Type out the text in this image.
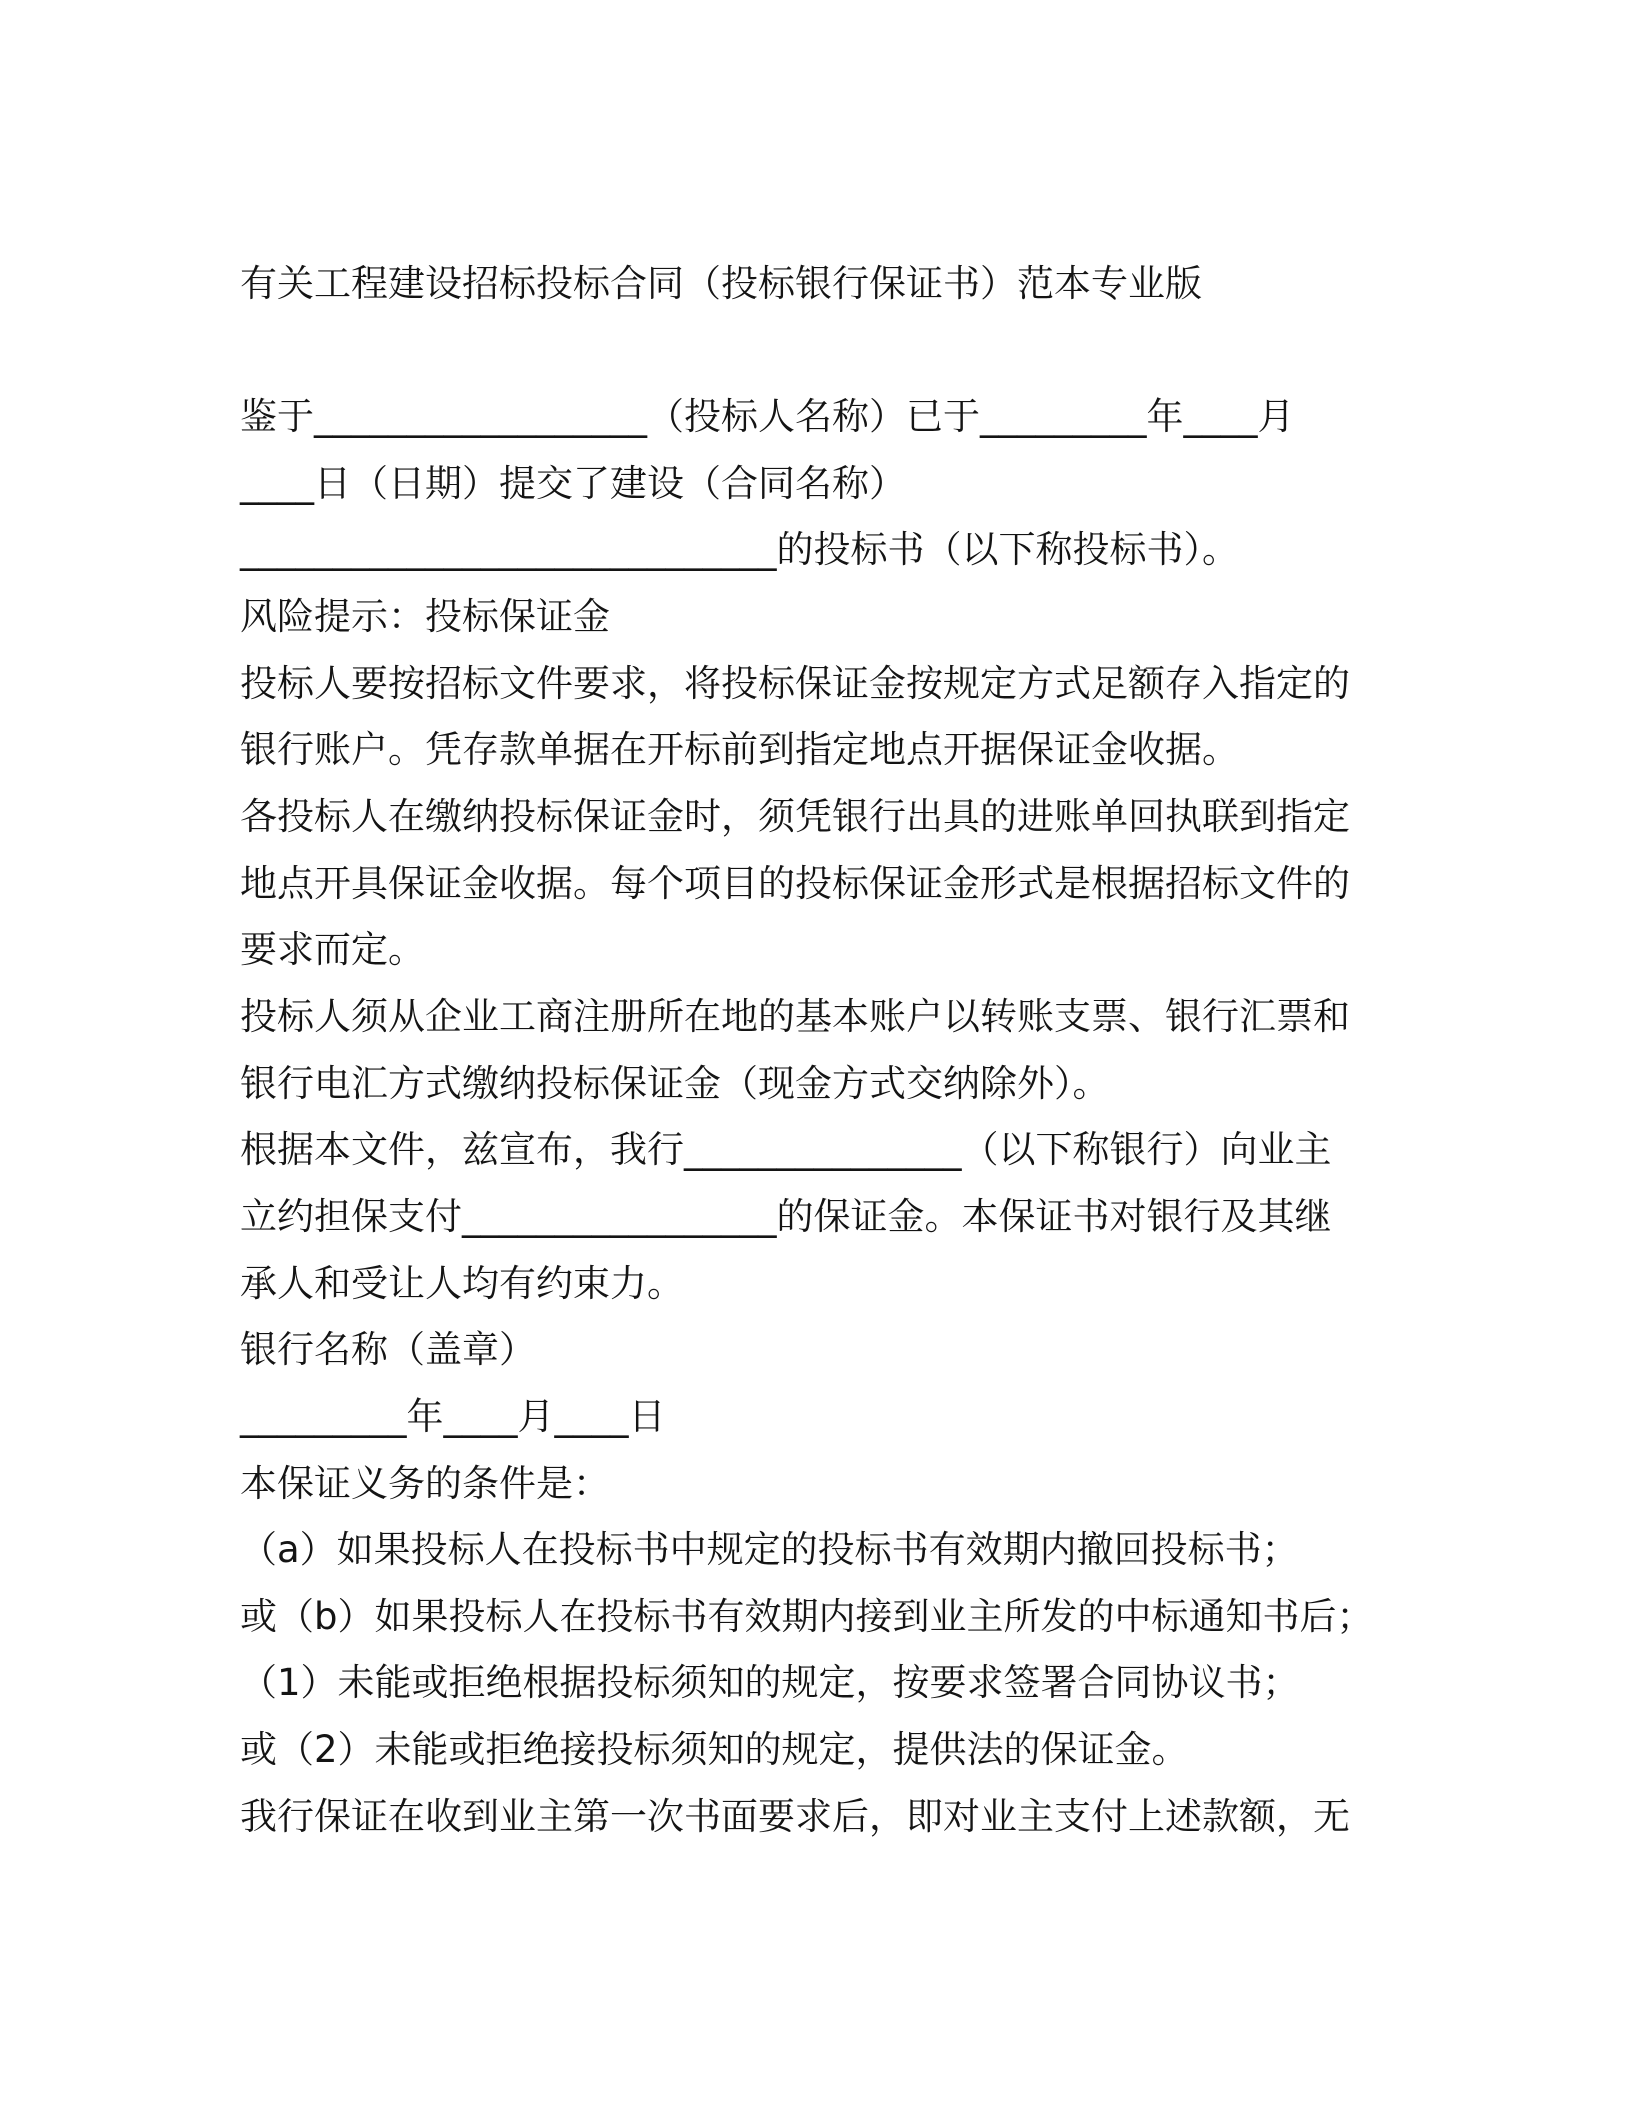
有关工程建设招标投标合同（投标银行保证书）范本专业版
鉴于__________________（投标人名称）已于_________年____月
____日（日期）提交了建设（合同名称）
_____________________________的投标书（以下称投标书）。
风险提示：投标保证金
投标人要按招标文件要求，将投标保证金按规定方式足额存入指定的
银行账户。凭存款单据在开标前到指定地点开据保证金收据。
各投标人在缴纳投标保证金时，须凭银行出具的进账单回执联到指定
地点开具保证金收据。每个项目的投标保证金形式是根据招标文件的
要求而定。
投标人须从企业工商注册所在地的基本账户以转账支票、银行汇票和
银行电汇方式缴纳投标保证金（现金方式交纳除外）。
根据本文件，兹宣布，我行_______________（以下称银行）向业主
立约担保支付_________________的保证金。本保证书对银行及其继
承人和受让人均有约束力。
银行名称（盖章）
_________年____月____日
本保证义务的条件是：
（a）如果投标人在投标书中规定的投标书有效期内撤回投标书；
或（b）如果投标人在投标书有效期内接到业主所发的中标通知书后；
（1）未能或拒绝根据投标须知的规定，按要求签署合同协议书；
或（2）未能或拒绝接投标须知的规定，提供法的保证金。
我行保证在收到业主第一次书面要求后，即对业主支付上述款额，无
